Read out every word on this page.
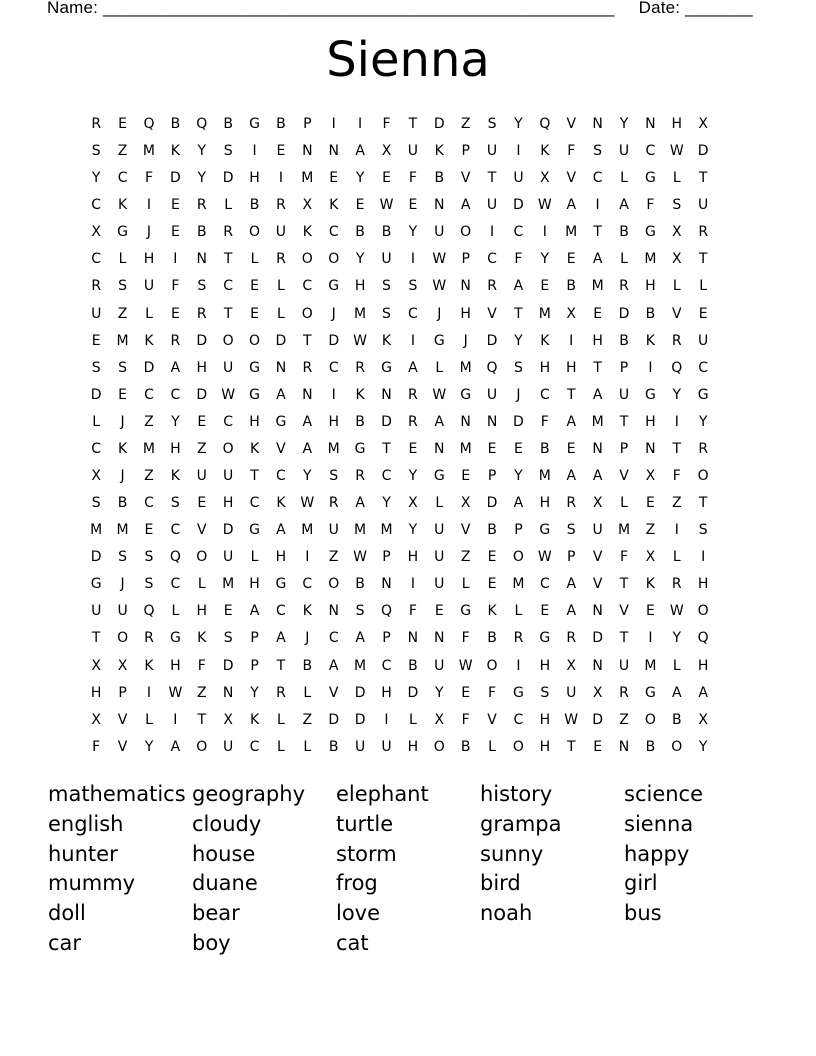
Name: _____________________________________________________ Date: _______
Sienna
R	E	Q	B	Q	B	G	B	P	I	I	F	T	D	Z	S	Y	Q	V	N	Y	N	H	X
S	Z	M	K	Y	S	I	E	N	N	A	X	U	K	P	U	I	K	F	S	U	C	W	D
Y	C	F	D	Y	D	H	I	M	E	Y	E	F	B	V	T	U	X	V	C	L	G	L	T
C	K	I	E	R	L	B	R	X	K	E	W	E	N	A	U	D	W	A	I	A	F	S	U
X	G	J	E	B	R	O	U	K	C	B	B	Y	U	O	I	C	I	M	T	B	G	X	R
C	L	H	I	N	T	L	R	O	O	Y	U	I	W	P	C	F	Y	E	A	L	M	X	T
R	S	U	F	S	C	E	L	C	G	H	S	S	W	N	R	A	E	B	M	R	H	L	L
U	Z	L	E	R	T	E	L	O	J	M	S	C	J	H	V	T	M	X	E	D	B	V	E
E	M	K	R	D	O	O	D	T	D	W	K	I	G	J	D	Y	K	I	H	B	K	R	U
S	S	D	A	H	U	G	N	R	C	R	G	A	L	M	Q	S	H	H	T	P	I	Q	C
D	E	C	C	D	W	G	A	N	I	K	N	R	W	G	U	J	C	T	A	U	G	Y	G
L	J	Z	Y	E	C	H	G	A	H	B	D	R	A	N	N	D	F	A	M	T	H	I	Y
C	K	M	H	Z	O	K	V	A	M	G	T	E	N	M	E	E	B	E	N	P	N	T	R
X	J	Z	K	U	U	T	C	Y	S	R	C	Y	G	E	P	Y	M	A	A	V	X	F	O
S	B	C	S	E	H	C	K	W	R	A	Y	X	L	X	D	A	H	R	X	L	E	Z	T
M	M	E	C	V	D	G	A	M	U	M	M	Y	U	V	B	P	G	S	U	M	Z	I	S
D	S	S	Q	O	U	L	H	I	Z	W	P	H	U	Z	E	O W	P	V	F	X	L	I
G	J	S	C	L	M	H	G	C	O	B	N	I	U	L	E	M	C	A	V	T	K	R	H
U	U	Q	L	H	E	A	C	K	N	S	Q	F	E	G	K	L	E	A	N	V	E	W O
T	O	R	G	K	S	P	A	J	C	A	P	N	N	F	B	R	G	R	D	T	I	Y	Q
X	X	K	H	F	D	P	T	B	A	M	C	B	U	W O	I	H	X	N	U	M	L	H
H	P	I	W	Z	N	Y	R	L	V	D	H	D	Y	E	F	G	S	U	X	R	G	A	A
X	V	L	I	T	X	K	L	Z	D	D	I	L	X	F	V	C	H	W	D	Z	O	B	X
F	V	Y	A	O	U	C	L	L	B	U	U	H	O	B	L	O	H	T	E	N	B	O	Y
mathematics geography	elephant	history	science
english	cloudy	turtle	grampa	sienna
hunter	house	storm	sunny	happy
mummy	duane	frog	bird	girl
doll	bear	love	noah	bus
car	boy	cat
